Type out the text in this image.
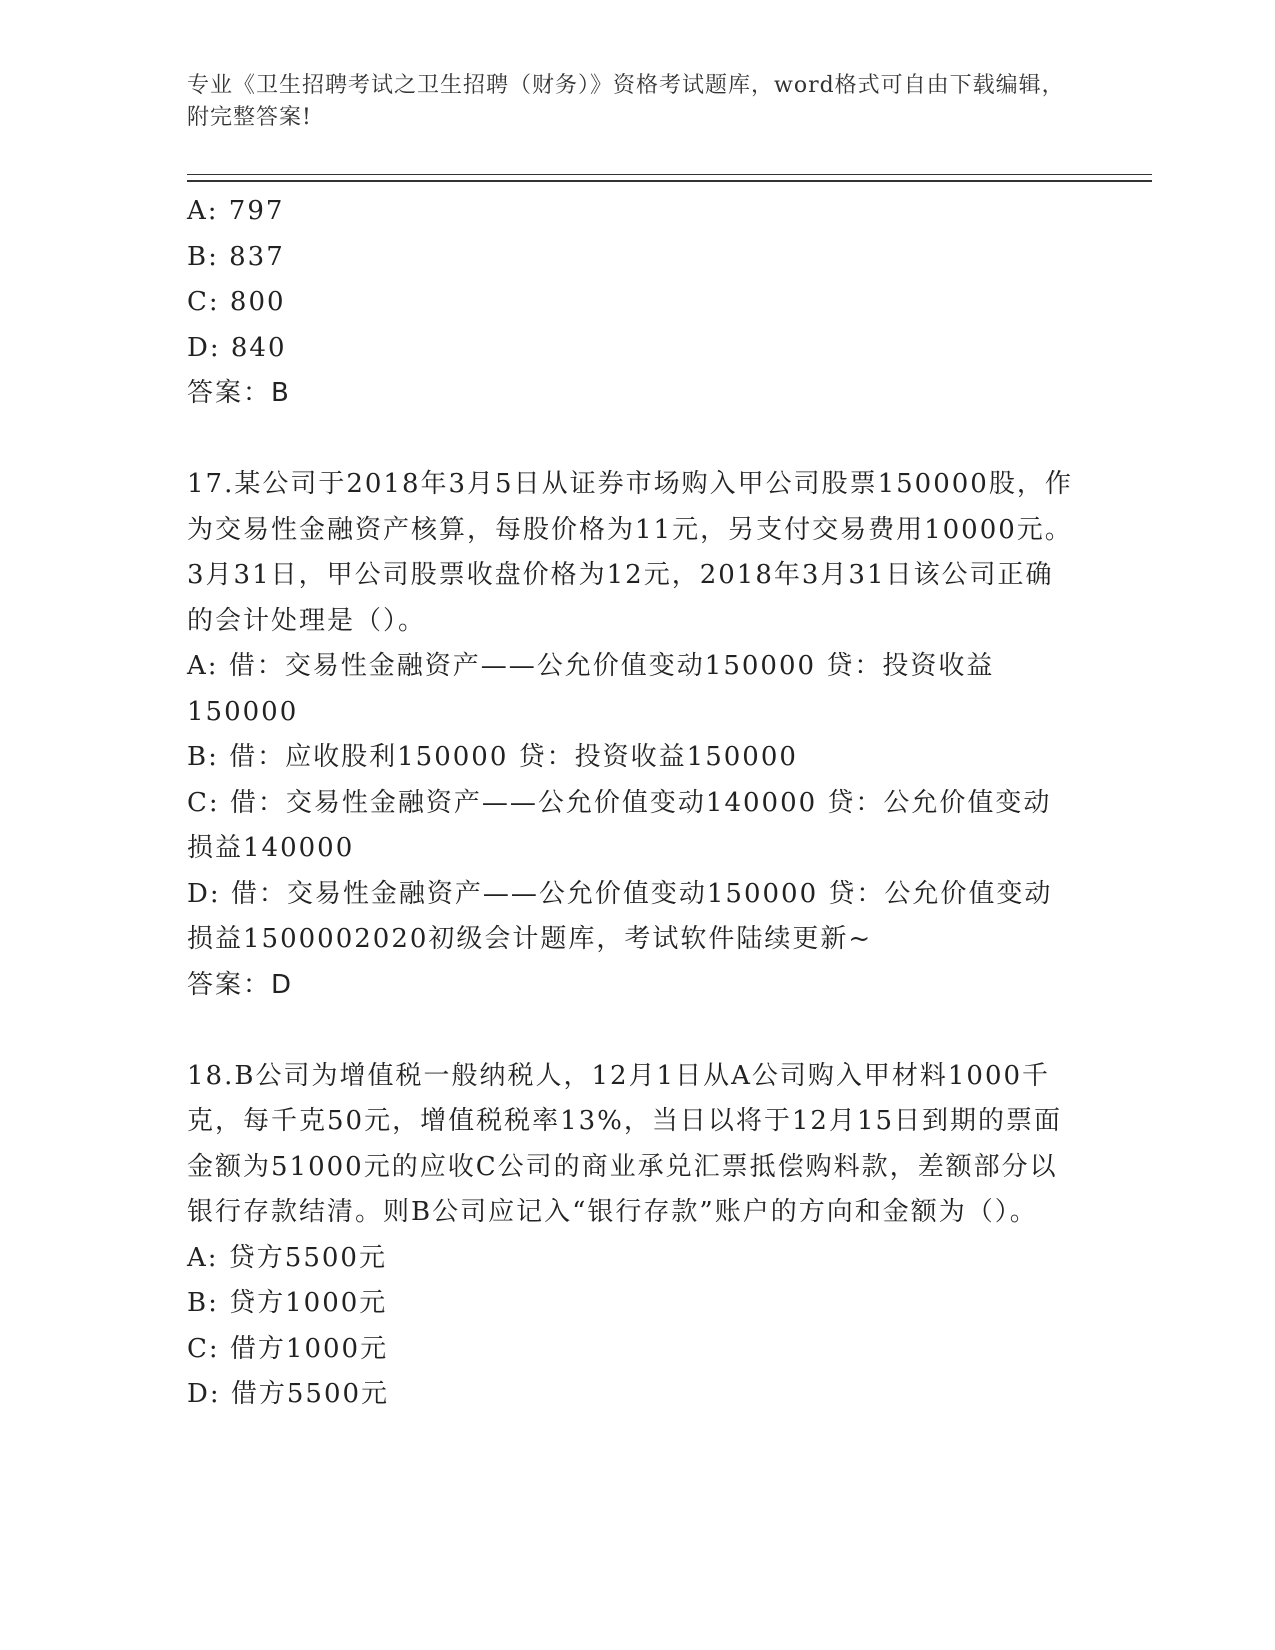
专业《卫生招聘考试之卫生招聘（财务）》资格考试题库，word格式可自由下载编辑，附完整答案!

A: 797

B: 837

C: 800

D: 840

答案：B

17.某公司于2018年3月5日从证券市场购入甲公司股票150000股，作为交易性金融资产核算，每股价格为11元，另支付交易费用10000元。3月31日，甲公司股票收盘价格为12元，2018年3月31日该公司正确的会计处理是（）。

A: 借：交易性金融资产——公允价值变动150000 贷：投资收益150000

B: 借：应收股利150000 贷：投资收益150000

C: 借：交易性金融资产——公允价值变动140000 贷：公允价值变动损益140000

D: 借：交易性金融资产——公允价值变动150000 贷：公允价值变动损益1500002020初级会计题库，考试软件陆续更新~

答案：D

18.B公司为增值税一般纳税人，12月1日从A公司购入甲材料1000千克，每千克50元，增值税税率13%，当日以将于12月15日到期的票面金额为51000元的应收C公司的商业承兑汇票抵偿购料款，差额部分以银行存款结清。则B公司应记入“银行存款”账户的方向和金额为（）。

A: 贷方5500元

B: 贷方1000元

C: 借方1000元

D: 借方5500元
